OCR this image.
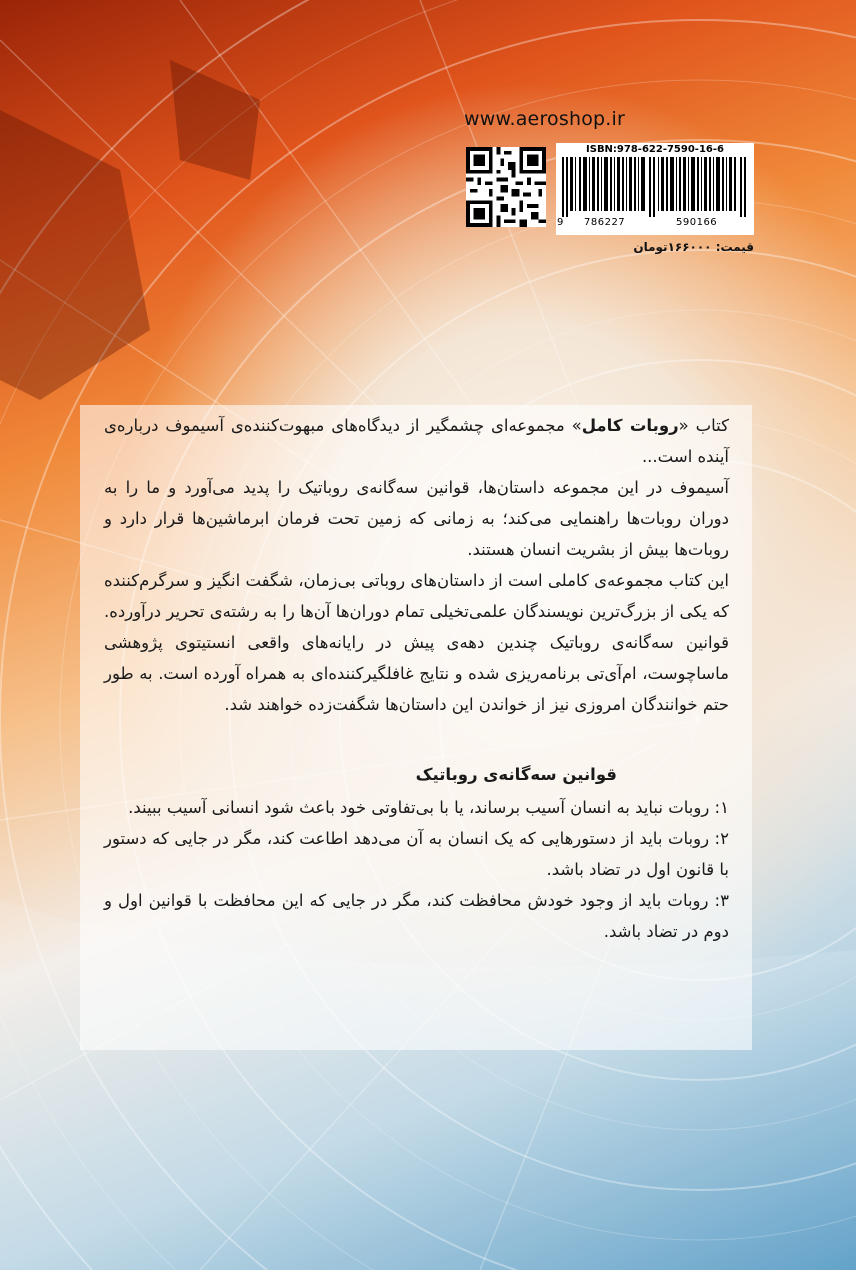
www.aeroshop.ir
ISBN:978-622-7590-16-6
9 786227	590166
قیمت: ۱۶۶۰۰۰تومان

کتاب «روبات کامل» مجموعه‌ای چشمگیر از دیدگاه‌های مبهوت‌کننده‌ی آسیموف درباره‌ی آینده است...

آسیموف در این مجموعه داستان‌ها، قوانین سه‌گانه‌ی روباتیک را پدید می‌آورد و ما را به دوران روبات‌ها راهنمایی می‌کند؛ به زمانی که زمین تحت فرمان ابرماشین‌ها قرار دارد و روبات‌ها بیش از بشریت انسان هستند.

این کتاب مجموعه‌ی کاملی است از داستان‌های روباتی بی‌زمان، شگفت انگیز و سرگرم‌کننده که یکی از بزرگ‌ترین نویسندگان علمی‌تخیلی تمام دوران‌ها آن‌ها را به رشته‌ی تحریر درآورده. قوانین سه‌گانه‌ی روباتیک چندین دهه‌ی پیش در رایانه‌های واقعی انستیتوی پژوهشی ماساچوست، ام‌آی‌تی برنامه‌ریزی شده و نتایج غافلگیرکننده‌ای به همراه آورده است. به طور حتم خوانندگان امروزی نیز از خواندن این داستان‌ها شگفت‌زده خواهند شد.

قوانین سه‌گانه‌ی روباتیک

۱: روبات نباید به انسان آسیب برساند، یا با بی‌تفاوتی خود باعث شود انسانی آسیب ببیند.

۲: روبات باید از دستورهایی که یک انسان به آن می‌دهد اطاعت کند، مگر در جایی که دستور با قانون اول در تضاد باشد.

۳: روبات باید از وجود خودش محافظت کند، مگر در جایی که این محافظت با قوانین اول و دوم در تضاد باشد.
